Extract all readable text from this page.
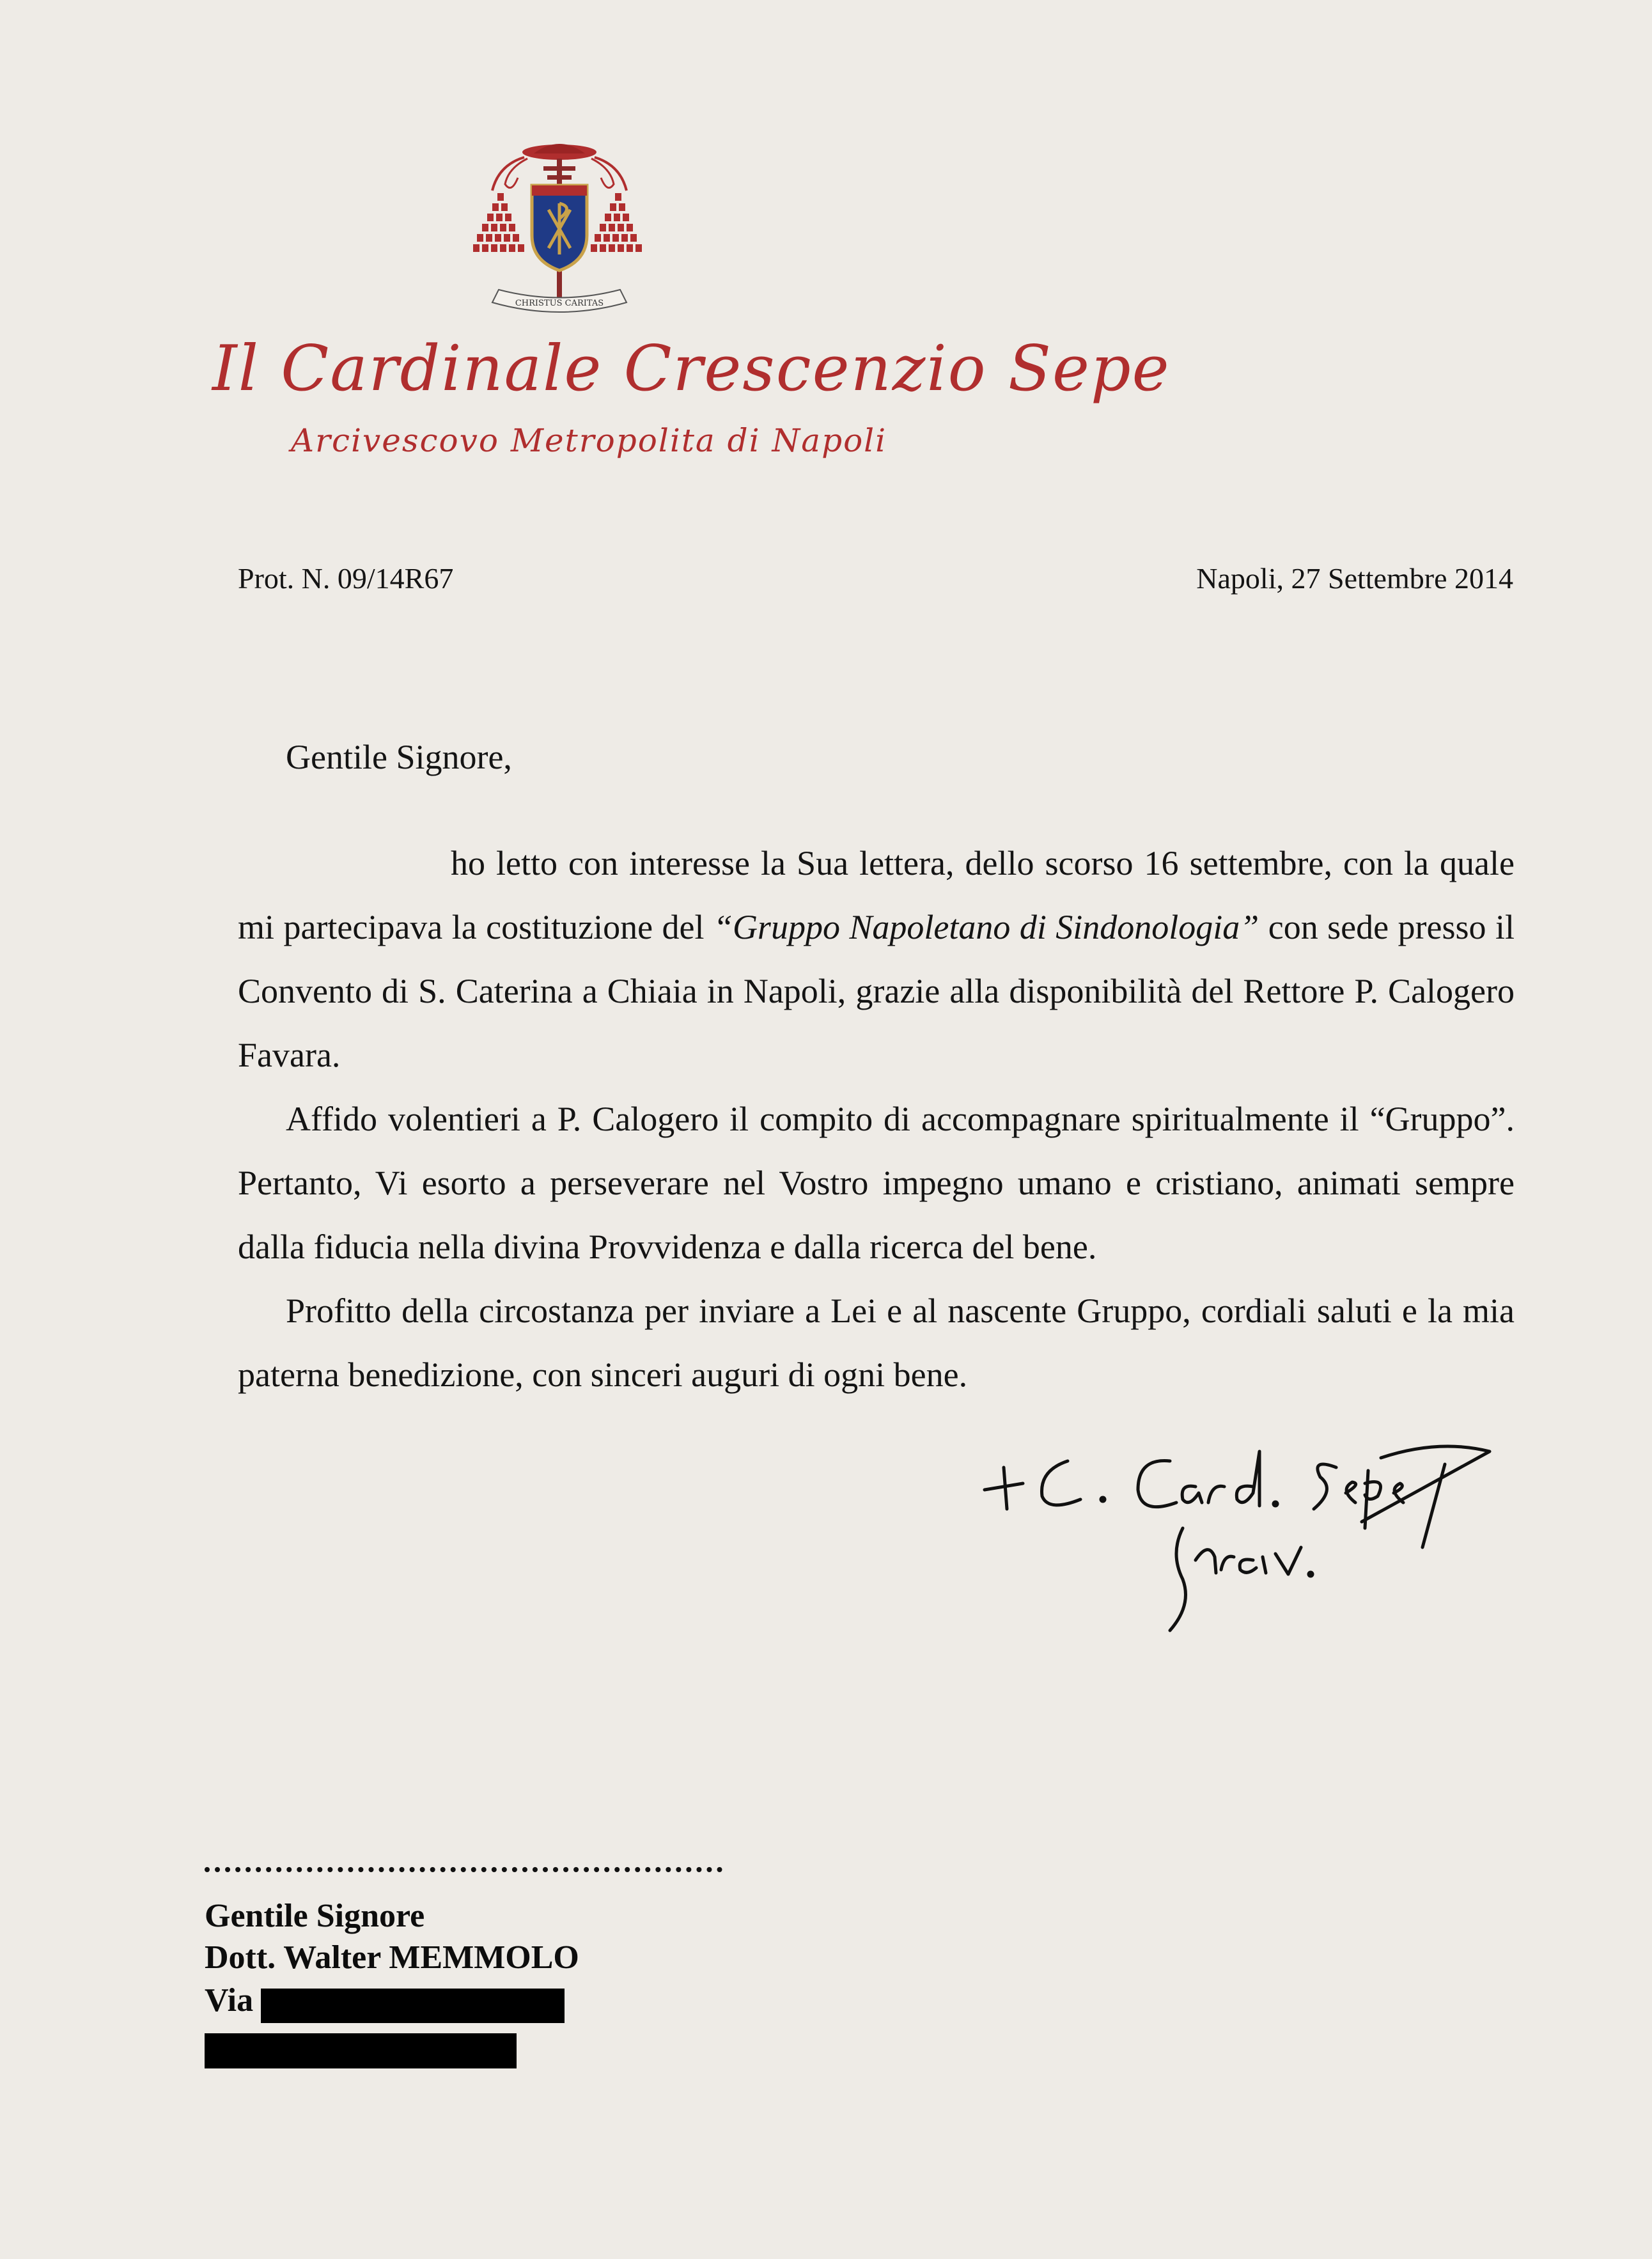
CHRISTUS CARITAS
Il Cardinale Crescenzio Sepe
Arcivescovo Metropolita di Napoli
Prot. N. 09/14R67	Napoli, 27 Settembre 2014
Gentile Signore,

ho letto con interesse la Sua lettera, dello scorso 16 settembre, con la quale mi partecipava la costituzione del “Gruppo Napoletano di Sindonologia” con sede presso il Convento di S. Caterina a Chiaia in Napoli, grazie alla disponibilità del Rettore P. Calogero Favara.

Affido volentieri a P. Calogero il compito di accompagnare spiritualmente il “Gruppo”. Pertanto, Vi esorto a perseverare nel Vostro impegno umano e cristiano, animati sempre dalla fiducia nella divina Provvidenza e dalla ricerca del bene.

Profitto della circostanza per inviare a Lei e al nascente Gruppo, cordiali saluti e la mia paterna benedizione, con sinceri auguri di ogni bene.

Gentile Signore
Dott. Walter MEMMOLO
Via
